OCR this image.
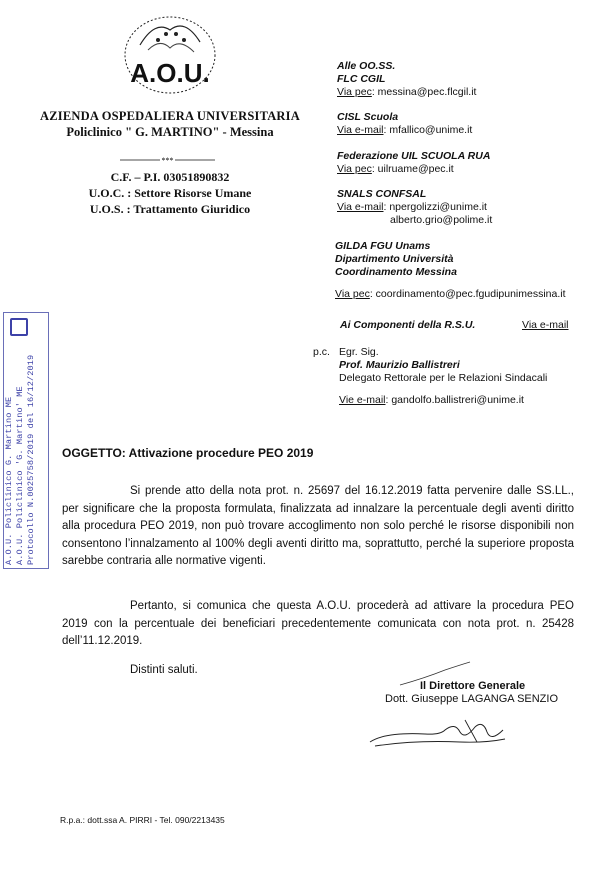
A.O.U.
AZIENDA OSPEDALIERA UNIVERSITARIA
Policlinico " G. MARTINO" - Messina
***
C.F. – P.I. 03051890832
U.O.C. : Settore Risorse Umane
U.O.S. : Trattamento Giuridico
Alle OO.SS.
FLC CGIL
Via pec: messina@pec.flcgil.it
CISL Scuola
Via e-mail: mfallico@unime.it
Federazione UIL SCUOLA RUA
Via pec: uilruame@pec.it
SNALS CONFSAL
Via e-mail: npergolizzi@unime.it
alberto.grio@polime.it
GILDA FGU Unams
Dipartimento Università
Coordinamento Messina
Via pec: coordinamento@pec.fgudipunimessina.it
Ai Componenti della R.S.U.	Via e-mail
p.c. Egr. Sig.
Prof. Maurizio Ballistreri
Delegato Rettorale per le Relazioni Sindacali
Vie e-mail: gandolfo.ballistreri@unime.it
A.O.U. Policlinico G. Martino ME A.O.U. Policlinico 'G. Martino' ME Protocollo N.0025758/2019 del 16/12/2019 OGGETTO: Attivazione procedure PEO 2019
Si prende atto della nota prot. n. 25697 del 16.12.2019 fatta pervenire dalle SS.LL.,
per significare che la proposta formulata, finalizzata ad innalzare la percentuale degli aventi diritto
alla procedura PEO 2019, non può trovare accoglimento non solo perché le risorse disponibili non
consentono l’innalzamento al 100% degli aventi diritto ma, soprattutto, perché la superiore proposta
sarebbe contraria alle normative vigenti.
Pertanto, si comunica che questa A.O.U. procederà ad attivare la procedura PEO
2019 con la percentuale dei beneficiari precedentemente comunicata con nota prot. n. 25428
dell’11.12.2019.
Distinti saluti.
Il Direttore Generale
Dott. Giuseppe LAGANGA SENZIO
R.p.a.: dott.ssa A. PIRRI - Tel. 090/2213435
